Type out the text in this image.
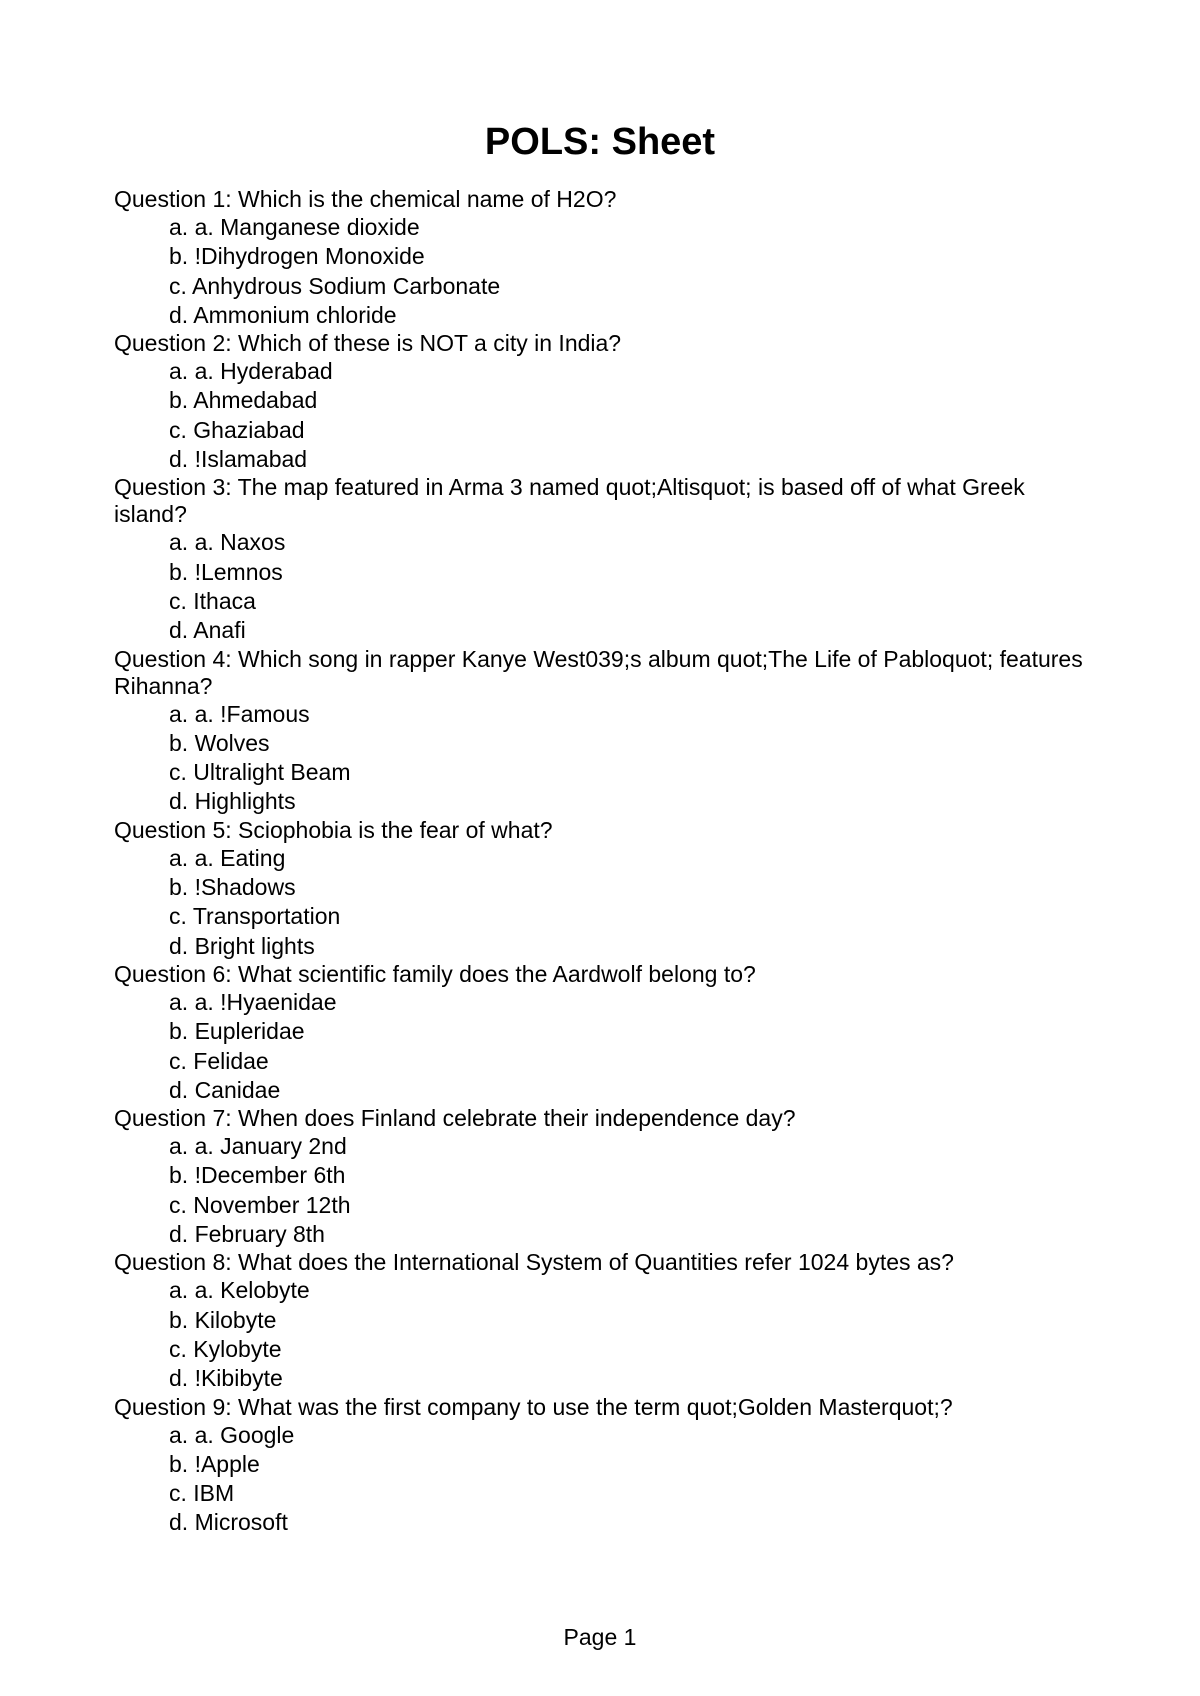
POLS: Sheet

Question 1: Which is the chemical name of H2O?

a. a. Manganese dioxide
b. !Dihydrogen Monoxide
c. Anhydrous Sodium Carbonate
d. Ammonium chloride

Question 2: Which of these is NOT a city in India?

a. a. Hyderabad
b. Ahmedabad
c. Ghaziabad
d. !Islamabad

Question 3: The map featured in Arma 3 named quot;Altisquot; is based off of what Greek island?

a. a. Naxos
b. !Lemnos
c. Ithaca
d. Anafi

Question 4: Which song in rapper Kanye West039;s album quot;The Life of Pabloquot; features Rihanna?

a. a. !Famous
b. Wolves
c. Ultralight Beam
d. Highlights

Question 5: Sciophobia is the fear of what?

a. a. Eating
b. !Shadows
c. Transportation
d. Bright lights

Question 6: What scientific family does the Aardwolf belong to?

a. a. !Hyaenidae
b. Eupleridae
c. Felidae
d. Canidae

Question 7: When does Finland celebrate their independence day?

a. a. January 2nd
b. !December 6th
c. November 12th
d. February 8th

Question 8: What does the International System of Quantities refer 1024 bytes as?

a. a. Kelobyte
b. Kilobyte
c. Kylobyte
d. !Kibibyte

Question 9: What was the first company to use the term quot;Golden Masterquot;?

a. a. Google
b. !Apple
c. IBM
d. Microsoft
Page 1
